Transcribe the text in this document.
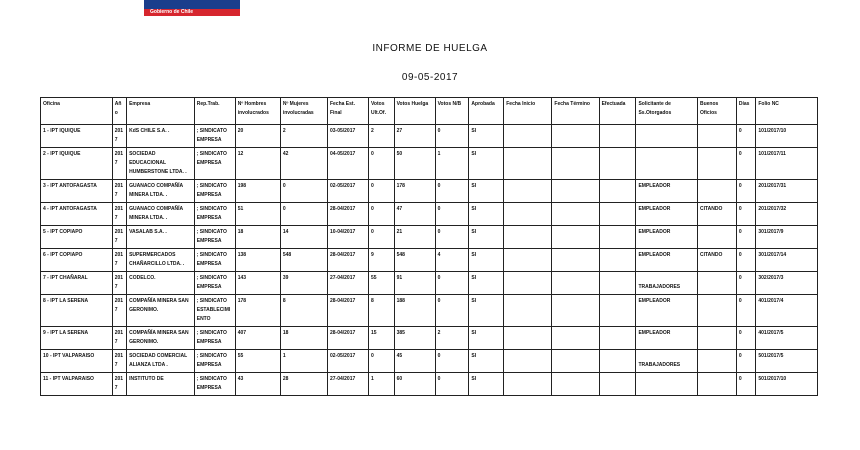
Gobierno de Chile
INFORME DE HUELGA
09-05-2017
Oficina	Año	Empresa	Rep.Trab.	Nº Hombres involucrados	Nº Mujeres involucradas	Fecha Est. Final	Votos Ult.Of.	Votos Huelga	Votos N/B	Aprobada	Fecha Inicio	Fecha Término	Efectuada	Solicitante de Ss.Otorgados	Buenos Oficios	Días	Folio NC
1 - IPT IQUIQUE	2017	KdS CHILE S.A. .	; SINDICATO EMPRESA	20	2	03-05/2017	2	27	0	SI						0	101/2017/10
2 - IPT IQUIQUE	2017	SOCIEDAD EDUCACIONAL HUMBERSTONE LTDA. .	; SINDICATO EMPRESA	12	42	04-05/2017	0	50	1	SI						0	101/2017/11
3 - IPT ANTOFAGASTA	2017	GUANACO COMPAÑÍA MINERA LTDA. .	; SINDICATO EMPRESA	198	0	02-05/2017	0	178	0	SI				EMPLEADOR		0	201/2017/31
4 - IPT ANTOFAGASTA	2017	GUANACO COMPAÑÍA MINERA LTDA. .	; SINDICATO EMPRESA	51	0	28-04/2017	0	47	0	SI				EMPLEADOR	CITANDO	0	201/2017/32
5 - IPT COPIAPO	2017	VASALAB S.A. .	; SINDICATO EMPRESA	18	14	10-04/2017	0	21	0	SI				EMPLEADOR		0	301/2017/9
6 - IPT COPIAPO	2017	SUPERMERCADOS CHAÑARCILLO LTDA. .	; SINDICATO EMPRESA	138	548	28-04/2017	9	548	4	SI				EMPLEADOR	CITANDO	0	301/2017/14
7 - IPT CHAÑARAL	2017	CODELCO.	; SINDICATO EMPRESA	143	39	27-04/2017	55	91	0	SI				TRABAJADORES		0	302/2017/3
8 - IPT LA SERENA	2017	COMPAÑÍA MINERA SAN GERONIMO.	; SINDICATO ESTABLECIMIENTO	178	8	28-04/2017	8	188	0	SI				EMPLEADOR		0	401/2017/4
9 - IPT LA SERENA	2017	COMPAÑÍA MINERA SAN GERONIMO.	; SINDICATO EMPRESA	407	18	28-04/2017	15	385	2	SI				EMPLEADOR		0	401/2017/5
10 - IPT VALPARAISO	2017	SOCIEDAD COMERCIAL ALIANZA LTDA .	; SINDICATO EMPRESA	55	1	02-05/2017	0	45	0	SI				TRABAJADORES		0	501/2017/5
11 - IPT VALPARAISO	2017	INSTITUTO DE	; SINDICATO EMPRESA	43	28	27-04/2017	1	60	0	SI						0	501/2017/10
